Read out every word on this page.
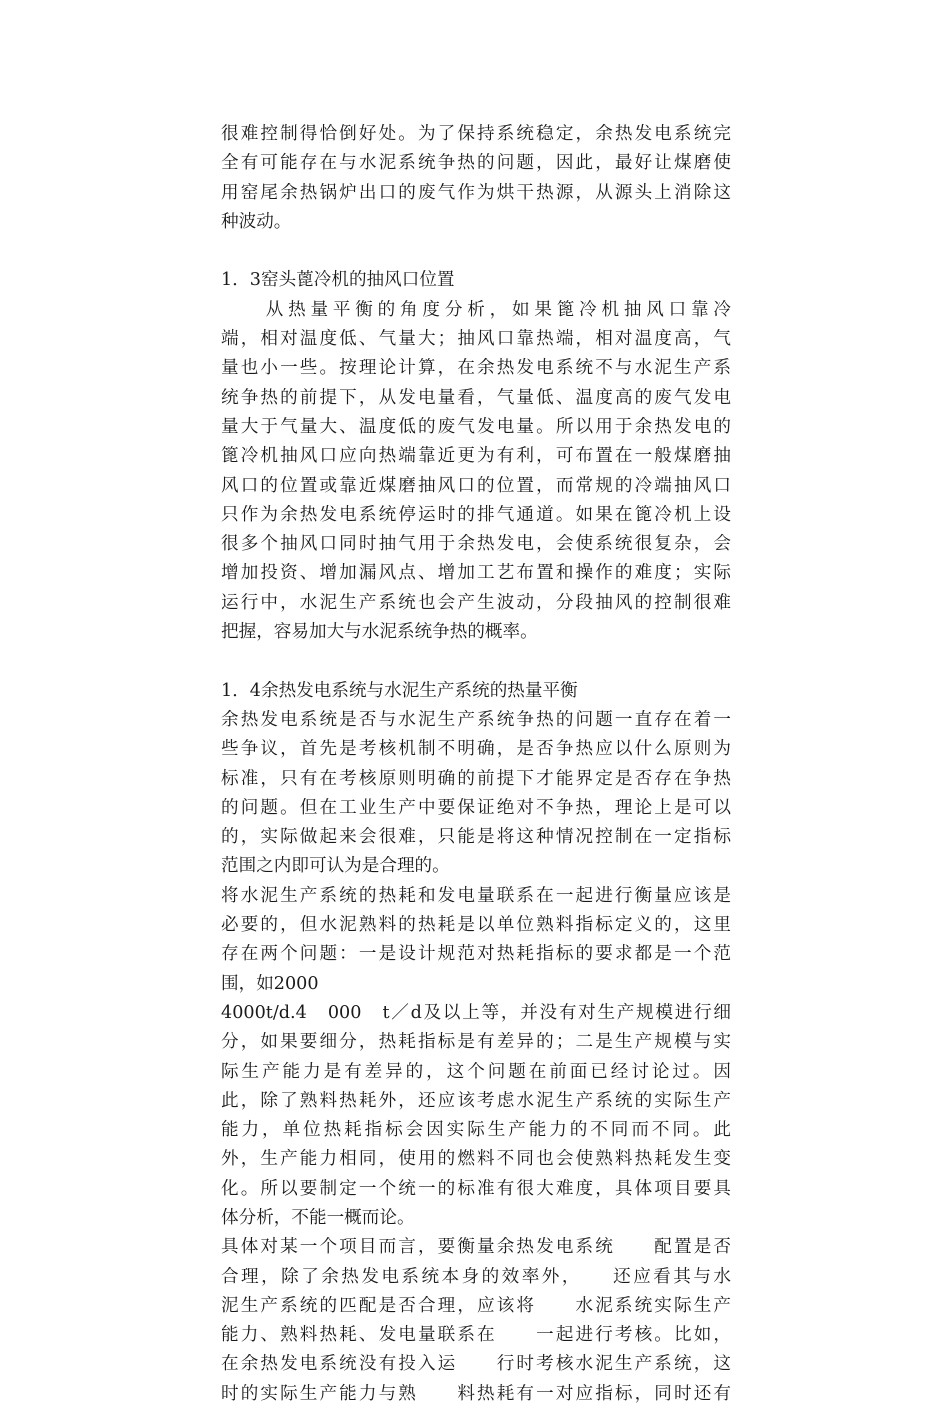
很难控制得恰倒好处。为了保持系统稳定，余热发电系统完
全有可能存在与水泥系统争热的问题，因此，最好让煤磨使
用窑尾余热锅炉出口的废气作为烘干热源，从源头上消除这
种波动。
1．3窑头蓖冷机的抽风口位置
　　从热量平衡的角度分析，如果篦冷机抽风口靠冷
端，相对温度低、气量大；抽风口靠热端，相对温度高，气
量也小一些。按理论计算，在余热发电系统不与水泥生产系
统争热的前提下，从发电量看，气量低、温度高的废气发电
量大于气量大、温度低的废气发电量。所以用于余热发电的
篦冷机抽风口应向热端靠近更为有利，可布置在一般煤磨抽
风口的位置或靠近煤磨抽风口的位置，而常规的冷端抽风口
只作为余热发电系统停运时的排气通道。如果在篦冷机上设
很多个抽风口同时抽气用于余热发电，会使系统很复杂，会
增加投资、增加漏风点、增加工艺布置和操作的难度；实际
运行中，水泥生产系统也会产生波动，分段抽风的控制很难
把握，容易加大与水泥系统争热的概率。
1．4余热发电系统与水泥生产系统的热量平衡
余热发电系统是否与水泥生产系统争热的问题一直存在着一
些争议，首先是考核机制不明确，是否争热应以什么原则为
标准，只有在考核原则明确的前提下才能界定是否存在争热
的问题。但在工业生产中要保证绝对不争热，理论上是可以
的，实际做起来会很难，只能是将这种情况控制在一定指标
范围之内即可认为是合理的。
将水泥生产系统的热耗和发电量联系在一起进行衡量应该是
必要的，但水泥熟料的热耗是以单位熟料指标定义的，这里
存在两个问题：一是设计规范对热耗指标的要求都是一个范
围，如2000
4000t/d.4　000　t／d及以上等，并没有对生产规模进行细
分，如果要细分，热耗指标是有差异的；二是生产规模与实
际生产能力是有差异的，这个问题在前面已经讨论过。因
此，除了熟料热耗外，还应该考虑水泥生产系统的实际生产
能力，单位热耗指标会因实际生产能力的不同而不同。此
外，生产能力相同，使用的燃料不同也会使熟料热耗发生变
化。所以要制定一个统一的标准有很大难度，具体项目要具
体分析，不能一概而论。
具体对某一个项目而言，要衡量余热发电系统　　配置是否
合理，除了余热发电系统本身的效率外，　　还应看其与水
泥生产系统的匹配是否合理，应该将　　水泥系统实际生产
能力、熟料热耗、发电量联系在　　一起进行考核。比如，
在余热发电系统没有投入运　　行时考核水泥生产系统，这
时的实际生产能力与熟　　料热耗有一对应指标，同时还有
